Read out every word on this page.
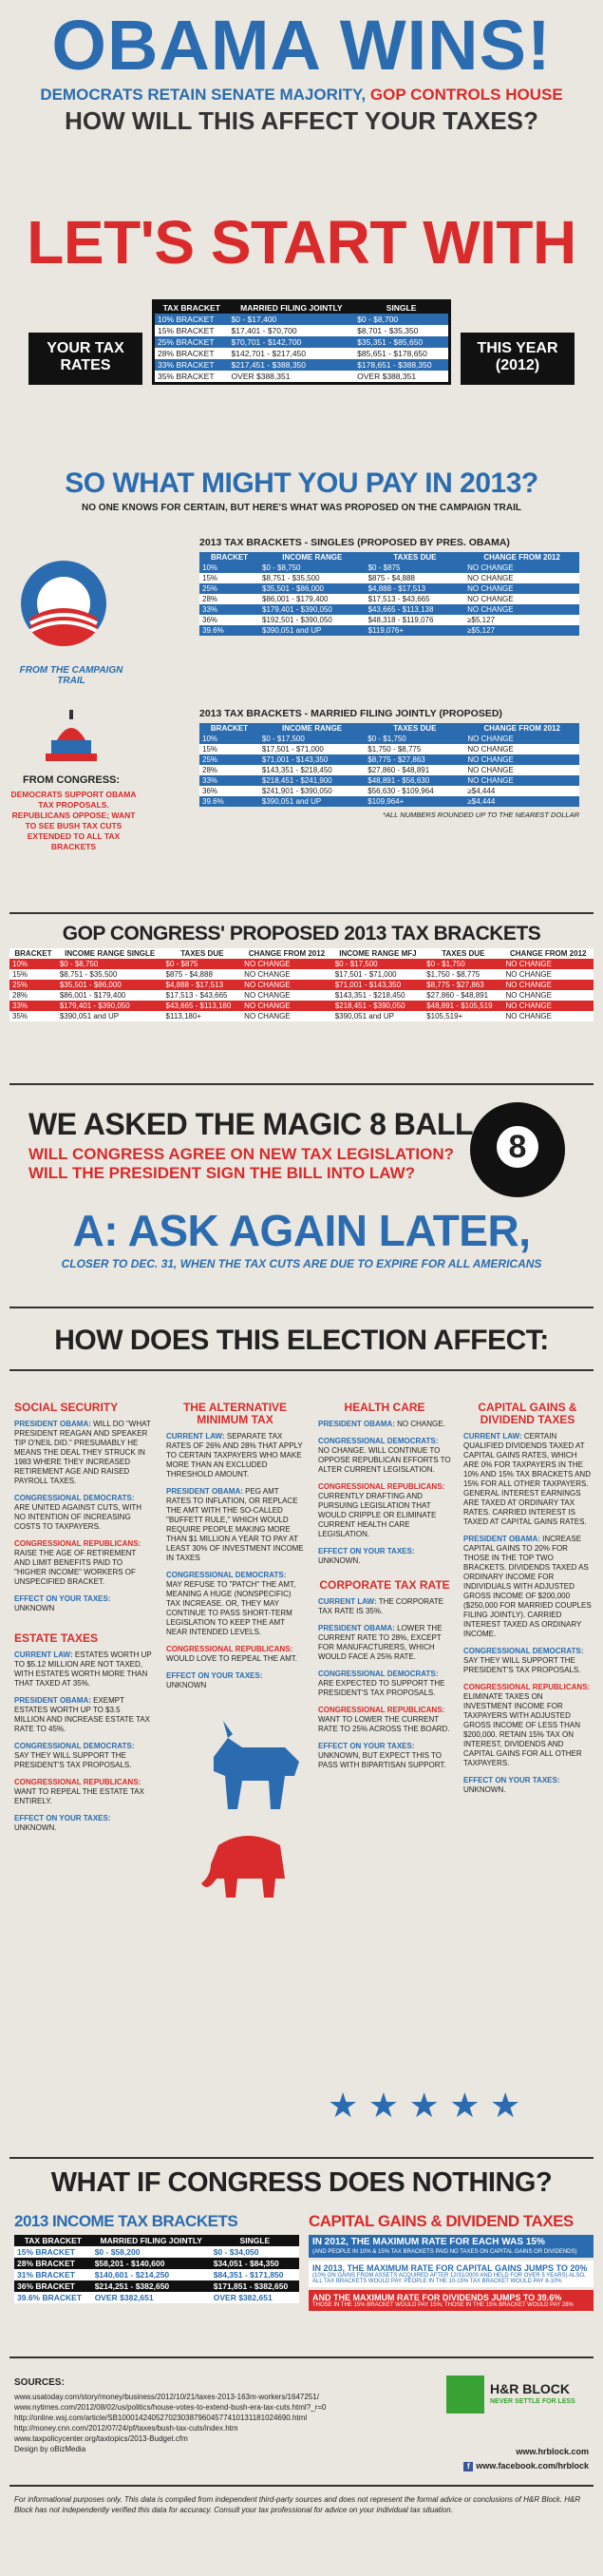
OBAMA WINS!
DEMOCRATS RETAIN SENATE MAJORITY, GOP CONTROLS HOUSE
HOW WILL THIS AFFECT YOUR TAXES?
LET'S START WITH
YOUR TAX RATES
THIS YEAR (2012)
TAX BRACKET	MARRIED FILING JOINTLY	SINGLE
10% BRACKET	$0 - $17,400	$0 - $8,700
15% BRACKET	$17,401 - $70,700	$8,701 - $35,350
25% BRACKET	$70,701 - $142,700	$35,351 - $85,650
28% BRACKET	$142,701 - $217,450	$85,651 - $178,650
33% BRACKET	$217,451 - $388,350	$178,651 - $388,350
35% BRACKET	OVER $388,351	OVER $388,351
SO WHAT MIGHT YOU PAY IN 2013?
NO ONE KNOWS FOR CERTAIN, BUT HERE'S WHAT WAS PROPOSED ON THE CAMPAIGN TRAIL
FROM THE CAMPAIGN TRAIL
2013 TAX BRACKETS - SINGLES (PROPOSED BY PRES. OBAMA)
BRACKET	INCOME RANGE	TAXES DUE	CHANGE FROM 2012
10%	$0 - $8,750	$0 - $875	NO CHANGE
15%	$8,751 - $35,500	$875 - $4,888	NO CHANGE
25%	$35,501 - $86,000	$4,888 - $17,513	NO CHANGE
28%	$86,001 - $179,400	$17,513 - $43,665	NO CHANGE
33%	$179,401 - $390,050	$43,665 - $113,138	NO CHANGE
36%	$192,501 - $390,050	$48,318 - $119,076	≥$5,127
39.6%	$390,051 and UP	$119,076+	≥$5,127
FROM CONGRESS:
DEMOCRATS SUPPORT OBAMA TAX PROPOSALS. REPUBLICANS OPPOSE; WANT TO SEE BUSH TAX CUTS EXTENDED TO ALL TAX BRACKETS
2013 TAX BRACKETS - MARRIED FILING JOINTLY (PROPOSED)
BRACKET	INCOME RANGE	TAXES DUE	CHANGE FROM 2012
10%	$0 - $17,500	$0 - $1,750	NO CHANGE
15%	$17,501 - $71,000	$1,750 - $8,775	NO CHANGE
25%	$71,001 - $143,350	$8,775 - $27,863	NO CHANGE
28%	$143,351 - $218,450	$27,860 - $48,891	NO CHANGE
33%	$218,451 - $241,900	$48,891 - $56,630	NO CHANGE
36%	$241,901 - $390,050	$56,630 - $109,964	≥$4,444
39.6%	$390,051 and UP	$109,964+	≥$4,444
*ALL NUMBERS ROUNDED UP TO THE NEAREST DOLLAR
GOP CONGRESS' PROPOSED 2013 TAX BRACKETS
BRACKET	INCOME RANGE SINGLE	TAXES DUE	CHANGE FROM 2012	INCOME RANGE MFJ	TAXES DUE	CHANGE FROM 2012
10%	$0 - $8,750	$0 - $875	NO CHANGE	$0 - $17,500	$0 - $1,750	NO CHANGE
15%	$8,751 - $35,500	$875 - $4,888	NO CHANGE	$17,501 - $71,000	$1,750 - $8,775	NO CHANGE
25%	$35,501 - $86,000	$4,888 - $17,513	NO CHANGE	$71,001 - $143,350	$8,775 - $27,863	NO CHANGE
28%	$86,001 - $179,400	$17,513 - $43,665	NO CHANGE	$143,351 - $218,450	$27,860 - $48,891	NO CHANGE
33%	$179,401 - $390,050	$43,665 - $113,180	NO CHANGE	$218,451 - $390,050	$48,891 - $105,519	NO CHANGE
35%	$390,051 and UP	$113,180+	NO CHANGE	$390,051 and UP	$105,519+	NO CHANGE
WE ASKED THE MAGIC 8 BALL
WILL CONGRESS AGREE ON NEW TAX LEGISLATION?
WILL THE PRESIDENT SIGN THE BILL INTO LAW?
8
A: ASK AGAIN LATER,
CLOSER TO DEC. 31, WHEN THE TAX CUTS ARE DUE TO EXPIRE FOR ALL AMERICANS
HOW DOES THIS ELECTION AFFECT:
SOCIAL SECURITY

PRESIDENT OBAMA: WILL DO "WHAT PRESIDENT REAGAN AND SPEAKER TIP O'NEIL DID." PRESUMABLY HE MEANS THE DEAL THEY STRUCK IN 1983 WHERE THEY INCREASED RETIREMENT AGE AND RAISED PAYROLL TAXES.

CONGRESSIONAL DEMOCRATS:
ARE UNITED AGAINST CUTS, WITH NO INTENTION OF INCREASING COSTS TO TAXPAYERS.

CONGRESSIONAL REPUBLICANS:
RAISE THE AGE OF RETIREMENT AND LIMIT BENEFITS PAID TO "HIGHER INCOME" WORKERS OF UNSPECIFIED BRACKET.

EFFECT ON YOUR TAXES:
UNKNOWN

ESTATE TAXES

CURRENT LAW: ESTATES WORTH UP TO $5.12 MILLION ARE NOT TAXED, WITH ESTATES WORTH MORE THAN THAT TAXED AT 35%.

PRESIDENT OBAMA: EXEMPT ESTATES WORTH UP TO $3.5 MILLION AND INCREASE ESTATE TAX RATE TO 45%.

CONGRESSIONAL DEMOCRATS:
SAY THEY WILL SUPPORT THE PRESIDENT'S TAX PROPOSALS.

CONGRESSIONAL REPUBLICANS:
WANT TO REPEAL THE ESTATE TAX ENTIRELY.

EFFECT ON YOUR TAXES:
UNKNOWN.

THE ALTERNATIVE MINIMUM TAX

CURRENT LAW: SEPARATE TAX RATES OF 26% AND 28% THAT APPLY TO CERTAIN TAXPAYERS WHO MAKE MORE THAN AN EXCLUDED THRESHOLD AMOUNT.

PRESIDENT OBAMA: PEG AMT RATES TO INFLATION, OR REPLACE THE AMT WITH THE SO-CALLED "BUFFETT RULE," WHICH WOULD REQUIRE PEOPLE MAKING MORE THAN $1 MILLION A YEAR TO PAY AT LEAST 30% OF INVESTMENT INCOME IN TAXES

CONGRESSIONAL DEMOCRATS:
MAY REFUSE TO "PATCH" THE AMT, MEANING A HUGE (NONSPECIFIC) TAX INCREASE. OR, THEY MAY CONTINUE TO PASS SHORT-TERM LEGISLATION TO KEEP THE AMT NEAR INTENDED LEVELS.

CONGRESSIONAL REPUBLICANS:
WOULD LOVE TO REPEAL THE AMT.

EFFECT ON YOUR TAXES:
UNKNOWN

HEALTH CARE

PRESIDENT OBAMA: NO CHANGE.

CONGRESSIONAL DEMOCRATS: NO CHANGE. WILL CONTINUE TO OPPOSE REPUBLICAN EFFORTS TO ALTER CURRENT LEGISLATION.

CONGRESSIONAL REPUBLICANS: CURRENTLY DRAFTING AND PURSUING LEGISLATION THAT WOULD CRIPPLE OR ELIMINATE CURRENT HEALTH CARE LEGISLATION.

EFFECT ON YOUR TAXES:
UNKNOWN.

CORPORATE TAX RATE

CURRENT LAW: THE CORPORATE TAX RATE IS 35%.

PRESIDENT OBAMA: LOWER THE CURRENT RATE TO 28%, EXCEPT FOR MANUFACTURERS, WHICH WOULD FACE A 25% RATE.

CONGRESSIONAL DEMOCRATS: ARE EXPECTED TO SUPPORT THE PRESIDENT'S TAX PROPOSALS.

CONGRESSIONAL REPUBLICANS: WANT TO LOWER THE CURRENT RATE TO 25% ACROSS THE BOARD.

EFFECT ON YOUR TAXES:
UNKNOWN, BUT EXPECT THIS TO PASS WITH BIPARTISAN SUPPORT.

CAPITAL GAINS & DIVIDEND TAXES

CURRENT LAW: CERTAIN QUALIFIED DIVIDENDS TAXED AT CAPITAL GAINS RATES, WHICH ARE 0% FOR TAXPAYERS IN THE 10% AND 15% TAX BRACKETS AND 15% FOR ALL OTHER TAXPAYERS. GENERAL INTEREST EARNINGS ARE TAXED AT ORDINARY TAX RATES. CARRIED INTEREST IS TAXED AT CAPITAL GAINS RATES.

PRESIDENT OBAMA: INCREASE CAPITAL GAINS TO 20% FOR THOSE IN THE TOP TWO BRACKETS. DIVIDENDS TAXED AS ORDINARY INCOME FOR INDIVIDUALS WITH ADJUSTED GROSS INCOME OF $200,000 ($250,000 FOR MARRIED COUPLES FILING JOINTLY). CARRIED INTEREST TAXED AS ORDINARY INCOME.

CONGRESSIONAL DEMOCRATS:
SAY THEY WILL SUPPORT THE PRESIDENT'S TAX PROPOSALS.

CONGRESSIONAL REPUBLICANS:
ELIMINATE TAXES ON INVESTMENT INCOME FOR TAXPAYERS WITH ADJUSTED GROSS INCOME OF LESS THAN $200,000. RETAIN 15% TAX ON INTEREST, DIVIDENDS AND CAPITAL GAINS FOR ALL OTHER TAXPAYERS.

EFFECT ON YOUR TAXES:
UNKNOWN.

★ ★ ★ ★ ★
WHAT IF CONGRESS DOES NOTHING?
2013 INCOME TAX BRACKETS
TAX BRACKET	MARRIED FILING JOINTLY	SINGLE
15% BRACKET	$0 - $58,200	$0 - $34,050
28% BRACKET	$58,201 - $140,600	$34,051 - $84,350
31% BRACKET	$140,601 - $214,250	$84,351 - $171,850
36% BRACKET	$214,251 - $382,650	$171,851 - $382,650
39.6% BRACKET	OVER $382,651	OVER $382,651
CAPITAL GAINS & DIVIDEND TAXES
IN 2012, THE MAXIMUM RATE FOR EACH WAS 15%
(AND PEOPLE IN 10% & 15% TAX BRACKETS PAID NO TAXES ON CAPITAL GAINS OR DIVIDENDS)
IN 2013, THE MAXIMUM RATE FOR CAPITAL GAINS JUMPS TO 20%
(10% ON GAINS FROM ASSETS ACQUIRED AFTER 12/31/2000 AND HELD FOR OVER 5 YEARS) ALSO, ALL TAX BRACKETS WOULD PAY. PEOPLE IN THE 10-15% TAX BRACKET WOULD PAY 8-10%
AND THE MAXIMUM RATE FOR DIVIDENDS JUMPS TO 39.6%
THOSE IN THE 15% BRACKET WOULD PAY 15%; THOSE IN THE 15% BRACKET WOULD PAY 28%
SOURCES:
www.usatoday.com/story/money/business/2012/10/21/taxes-2013-163m-workers/1647251/
www.nytimes.com/2012/08/02/us/politics/house-votes-to-extend-bush-era-tax-cuts.html?_r=0
http://online.wsj.com/article/SB10001424052702303879604577410131181024690.html
http://money.cnn.com/2012/07/24/pf/taxes/bush-tax-cuts/index.htm
www.taxpolicycenter.org/taxtopics/2013-Budget.cfm
Design by oBizMedia
H&R BLOCK
NEVER SETTLE FOR LESS
www.hrblock.com
f www.facebook.com/hrblock
For informational purposes only. This data is compiled from independent third-party sources and does not represent the formal advice or conclusions of H&R Block. H&R Block has not independently verified this data for accuracy. Consult your tax professional for advice on your individual tax situation.
